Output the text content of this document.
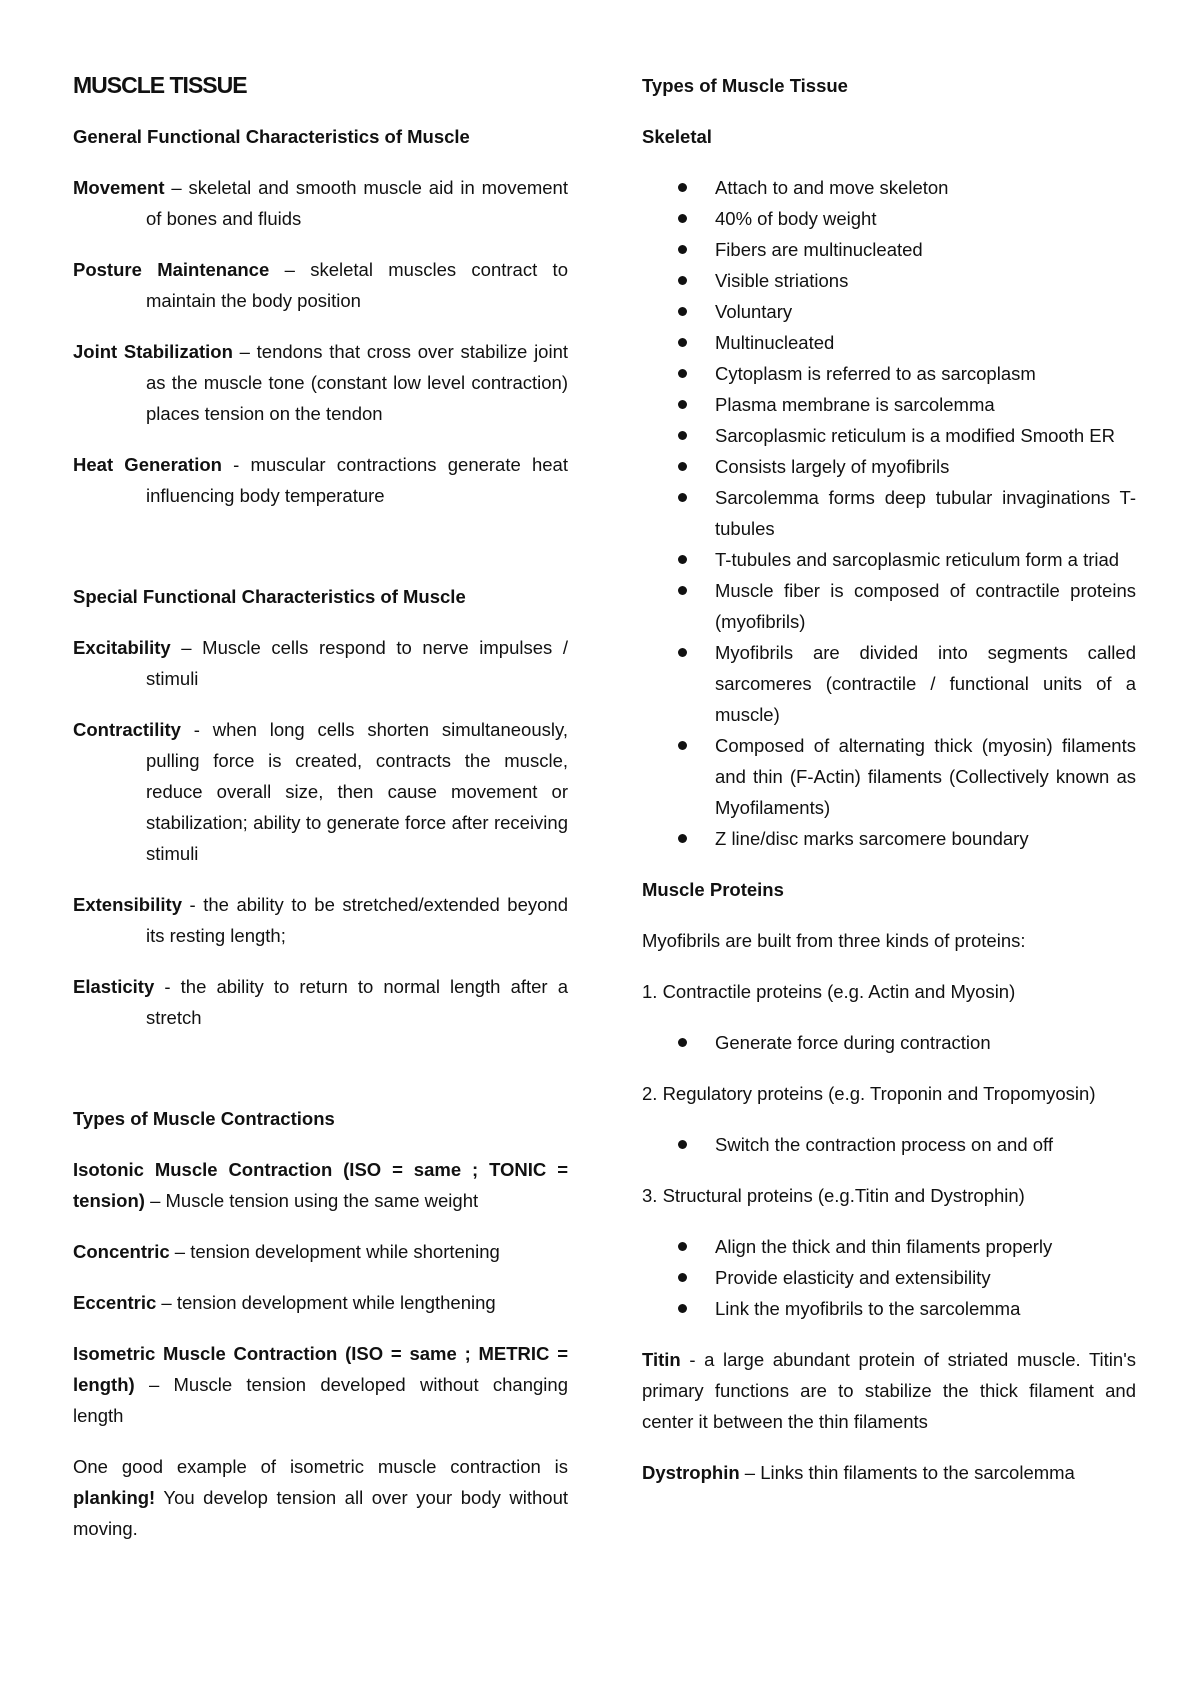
MUSCLE TISSUE

General Functional Characteristics of Muscle

Movement – skeletal and smooth muscle aid in movement of bones and fluids

Posture Maintenance – skeletal muscles contract to maintain the body position

Joint Stabilization – tendons that cross over stabilize joint as the muscle tone (constant low level contraction) places tension on the tendon

Heat Generation - muscular contractions generate heat influencing body temperature

Special Functional Characteristics of Muscle

Excitability – Muscle cells respond to nerve impulses / stimuli

Contractility - when long cells shorten simultaneously, pulling force is created, contracts the muscle, reduce overall size, then cause movement or stabilization; ability to generate force after receiving stimuli

Extensibility - the ability to be stretched/extended beyond its resting length;

Elasticity - the ability to return to normal length after a stretch

Types of Muscle Contractions

Isotonic Muscle Contraction (ISO = same ; TONIC = tension) – Muscle tension using the same weight

Concentric – tension development while shortening

Eccentric – tension development while lengthening

Isometric Muscle Contraction (ISO = same ; METRIC = length) – Muscle tension developed without changing length

One good example of isometric muscle contraction is planking! You develop tension all over your body without moving.

Types of Muscle Tissue

Skeletal

Attach to and move skeleton
40% of body weight
Fibers are multinucleated
Visible striations
Voluntary
Multinucleated
Cytoplasm is referred to as sarcoplasm
Plasma membrane is sarcolemma
Sarcoplasmic reticulum is a modified Smooth ER
Consists largely of myofibrils
Sarcolemma forms deep tubular invaginations T-tubules
T-tubules and sarcoplasmic reticulum form a triad
Muscle fiber is composed of contractile proteins (myofibrils)
Myofibrils are divided into segments called sarcomeres (contractile / functional units of a muscle)
Composed of alternating thick (myosin) filaments and thin (F-Actin) filaments (Collectively known as Myofilaments)
Z line/disc marks sarcomere boundary

Muscle Proteins

Myofibrils are built from three kinds of proteins:

1. Contractile proteins (e.g. Actin and Myosin)

Generate force during contraction

2. Regulatory proteins (e.g. Troponin and Tropomyosin)

Switch the contraction process on and off

3. Structural proteins (e.g.Titin and Dystrophin)

Align the thick and thin filaments properly
Provide elasticity and extensibility
Link the myofibrils to the sarcolemma

Titin - a large abundant protein of striated muscle. Titin's primary functions are to stabilize the thick filament and center it between the thin filaments

Dystrophin – Links thin filaments to the sarcolemma
